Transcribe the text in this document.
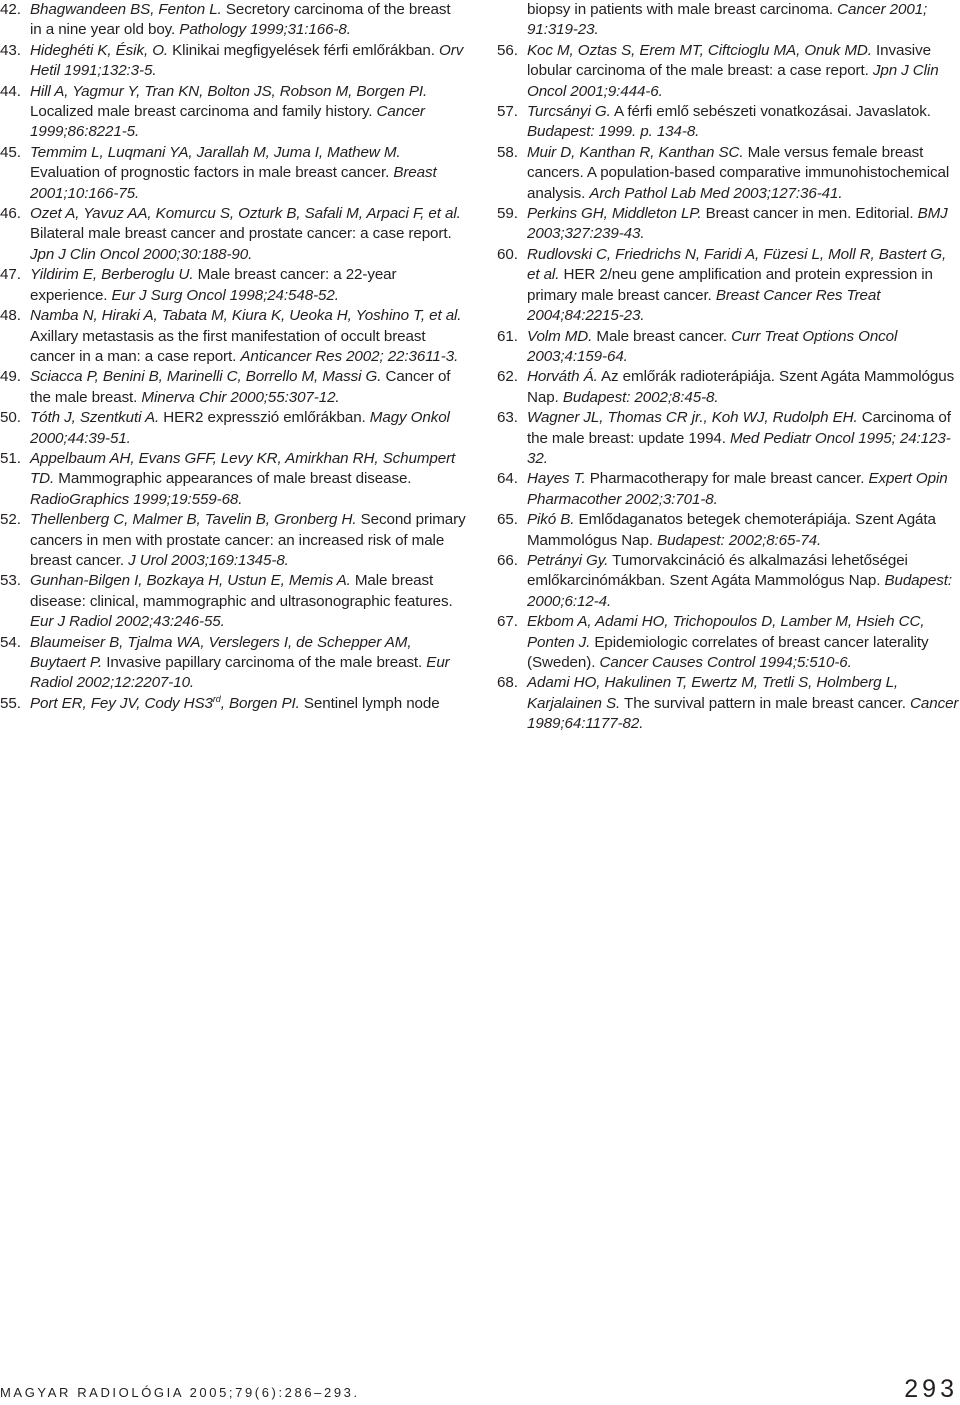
42. Bhagwandeen BS, Fenton L. Secretory carcinoma of the breast in a nine year old boy. Pathology 1999;31:166-8.
43. Hideghéti K, Ésik, O. Klinikai megfigyelések férfi emlőrákban. Orv Hetil 1991;132:3-5.
44. Hill A, Yagmur Y, Tran KN, Bolton JS, Robson M, Borgen PI. Localized male breast carcinoma and family history. Cancer 1999;86:8221-5.
45. Temmim L, Luqmani YA, Jarallah M, Juma I, Mathew M. Evaluation of prognostic factors in male breast cancer. Breast 2001;10:166-75.
46. Ozet A, Yavuz AA, Komurcu S, Ozturk B, Safali M, Arpaci F, et al. Bilateral male breast cancer and prostate cancer: a case report. Jpn J Clin Oncol 2000;30:188-90.
47. Yildirim E, Berberoglu U. Male breast cancer: a 22-year experience. Eur J Surg Oncol 1998;24:548-52.
48. Namba N, Hiraki A, Tabata M, Kiura K, Ueoka H, Yoshino T, et al. Axillary metastasis as the first manifestation of occult breast cancer in a man: a case report. Anticancer Res 2002; 22:3611-3.
49. Sciacca P, Benini B, Marinelli C, Borrello M, Massi G. Cancer of the male breast. Minerva Chir 2000;55:307-12.
50. Tóth J, Szentkuti A. HER2 expresszió emlőrákban. Magy Onkol 2000;44:39-51.
51. Appelbaum AH, Evans GFF, Levy KR, Amirkhan RH, Schumpert TD. Mammographic appearances of male breast disease. RadioGraphics 1999;19:559-68.
52. Thellenberg C, Malmer B, Tavelin B, Gronberg H. Second primary cancers in men with prostate cancer: an increased risk of male breast cancer. J Urol 2003;169:1345-8.
53. Gunhan-Bilgen I, Bozkaya H, Ustun E, Memis A. Male breast disease: clinical, mammographic and ultrasonographic features. Eur J Radiol 2002;43:246-55.
54. Blaumeiser B, Tjalma WA, Verslegers I, de Schepper AM, Buytaert P. Invasive papillary carcinoma of the male breast. Eur Radiol 2002;12:2207-10.
55. Port ER, Fey JV, Cody HS3rd, Borgen PI. Sentinel lymph node
biopsy in patients with male breast carcinoma. Cancer 2001; 91:319-23.
56. Koc M, Oztas S, Erem MT, Ciftcioglu MA, Onuk MD. Invasive lobular carcinoma of the male breast: a case report. Jpn J Clin Oncol 2001;9:444-6.
57. Turcsányi G. A férfi emlő sebészeti vonatkozásai. Javaslatok. Budapest: 1999. p. 134-8.
58. Muir D, Kanthan R, Kanthan SC. Male versus female breast cancers. A population-based comparative immunohistochemical analysis. Arch Pathol Lab Med 2003;127:36-41.
59. Perkins GH, Middleton LP. Breast cancer in men. Editorial. BMJ 2003;327:239-43.
60. Rudlovski C, Friedrichs N, Faridi A, Füzesi L, Moll R, Bastert G, et al. HER 2/neu gene amplification and protein expression in primary male breast cancer. Breast Cancer Res Treat 2004;84:2215-23.
61. Volm MD. Male breast cancer. Curr Treat Options Oncol 2003;4:159-64.
62. Horváth Á. Az emlőrák radioterápiája. Szent Agáta Mammológus Nap. Budapest: 2002;8:45-8.
63. Wagner JL, Thomas CR jr., Koh WJ, Rudolph EH. Carcinoma of the male breast: update 1994. Med Pediatr Oncol 1995; 24:123-32.
64. Hayes T. Pharmacotherapy for male breast cancer. Expert Opin Pharmacother 2002;3:701-8.
65. Pikó B. Emlődaganatos betegek chemoterápiája. Szent Agáta Mammológus Nap. Budapest: 2002;8:65-74.
66. Petrányi Gy. Tumorvakcináció és alkalmazási lehetőségei emlőkarcinómákban. Szent Agáta Mammológus Nap. Budapest: 2000;6:12-4.
67. Ekbom A, Adami HO, Trichopoulos D, Lamber M, Hsieh CC, Ponten J. Epidemiologic correlates of breast cancer laterality (Sweden). Cancer Causes Control 1994;5:510-6.
68. Adami HO, Hakulinen T, Ewertz M, Tretli S, Holmberg L, Karjalainen S. The survival pattern in male breast cancer. Cancer 1989;64:1177-82.
MAGYAR RADIOLÓGIA 2005;79(6):286–293.	293
